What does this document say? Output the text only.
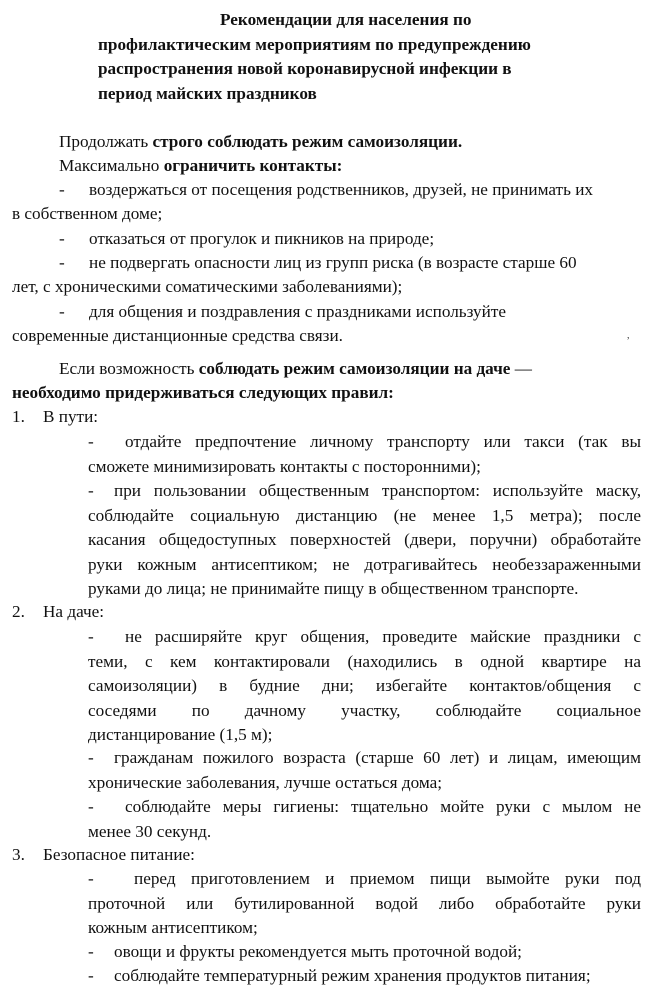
Рекомендации для населения по
профилактическим мероприятиям по предупреждению
распространения новой коронавирусной инфекции в
период майских праздников
Продолжать строго соблюдать режим самоизоляции.
Максимально ограничить контакты:
- воздержаться от посещения родственников, друзей, не принимать их
в собственном доме;
- отказаться от прогулок и пикников на природе;
- не подвергать опасности лиц из групп риска (в возрасте старше 60
лет, с хроническими соматическими заболеваниями);
- для общения и поздравления с праздниками используйте
современные дистанционные средства связи.	,
Если возможность соблюдать режим самоизоляции на даче —
необходимо придерживаться следующих правил:
1. В пути:
- отдайте предпочтение личному транспорту или такси (так вы
сможете минимизировать контакты с посторонними);
- при пользовании общественным транспортом: используйте маску,
соблюдайте социальную дистанцию (не менее 1,5 метра); после
касания общедоступных поверхностей (двери, поручни) обработайте
руки кожным антисептиком; не дотрагивайтесь необеззараженными
руками до лица; не принимайте пищу в общественном транспорте.
2. На даче:
- не расширяйте круг общения, проведите майские праздники с
теми, с кем контактировали (находились в одной квартире на
самоизоляции) в будние дни; избегайте контактов/общения с
соседями по дачному участку, соблюдайте социальное
дистанцирование (1,5 м);
- гражданам пожилого возраста (старше 60 лет) и лицам, имеющим
хронические заболевания, лучше остаться дома;
- соблюдайте меры гигиены: тщательно мойте руки с мылом не
менее 30 секунд.
3. Безопасное питание:
- перед приготовлением и приемом пищи вымойте руки под
проточной или бутилированной водой либо обработайте руки
кожным антисептиком;
- овощи и фрукты рекомендуется мыть проточной водой;
- соблюдайте температурный режим хранения продуктов питания;
